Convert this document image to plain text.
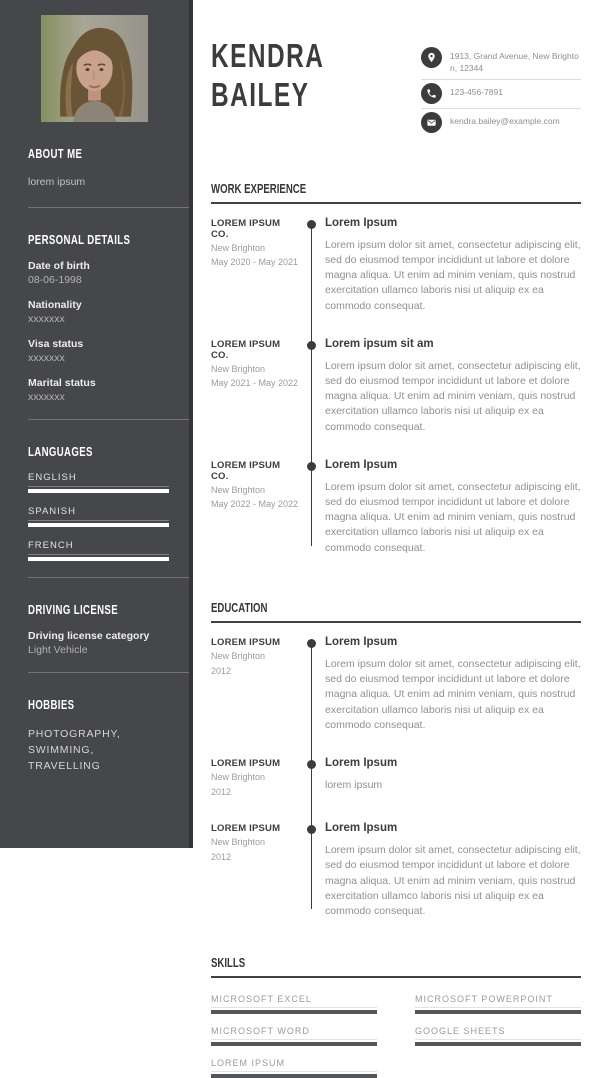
ABOUT ME

lorem ipsum

PERSONAL DETAILS
Date of birth
08-06-1998
Nationality
xxxxxxx
Visa status
xxxxxxx
Marital status
xxxxxxx
LANGUAGES
ENGLISH
SPANISH
FRENCH
DRIVING LICENSE
Driving license category
Light Vehicle
HOBBIES

PHOTOGRAPHY, SWIMMING, TRAVELLING

KENDRA
BAILEY
1913, Grand Avenue, New Brighton, 12344
123-456-7891
kendra.bailey@example.com
WORK EXPERIENCE
LOREM IPSUM CO.
New Brighton
May 2020 - May 2021
Lorem Ipsum

Lorem ipsum dolor sit amet, consectetur adipiscing elit, sed do eiusmod tempor incididunt ut labore et dolore magna aliqua. Ut enim ad minim veniam, quis nostrud exercitation ullamco laboris nisi ut aliquip ex ea commodo consequat.

LOREM IPSUM CO.
New Brighton
May 2021 - May 2022
Lorem ipsum sit am

Lorem ipsum dolor sit amet, consectetur adipiscing elit, sed do eiusmod tempor incididunt ut labore et dolore magna aliqua. Ut enim ad minim veniam, quis nostrud exercitation ullamco laboris nisi ut aliquip ex ea commodo consequat.

LOREM IPSUM CO.
New Brighton
May 2022 - May 2022
Lorem Ipsum

Lorem ipsum dolor sit amet, consectetur adipiscing elit, sed do eiusmod tempor incididunt ut labore et dolore magna aliqua. Ut enim ad minim veniam, quis nostrud exercitation ullamco laboris nisi ut aliquip ex ea commodo consequat.

EDUCATION
LOREM IPSUM
New Brighton
2012
Lorem Ipsum

Lorem ipsum dolor sit amet, consectetur adipiscing elit, sed do eiusmod tempor incididunt ut labore et dolore magna aliqua. Ut enim ad minim veniam, quis nostrud exercitation ullamco laboris nisi ut aliquip ex ea commodo consequat.

LOREM IPSUM
New Brighton
2012
Lorem Ipsum

lorem ipsum

LOREM IPSUM
New Brighton
2012
Lorem Ipsum

Lorem ipsum dolor sit amet, consectetur adipiscing elit, sed do eiusmod tempor incididunt ut labore et dolore magna aliqua. Ut enim ad minim veniam, quis nostrud exercitation ullamco laboris nisi ut aliquip ex ea commodo consequat.

SKILLS
MICROSOFT EXCEL
MICROSOFT WORD
LOREM IPSUM
MICROSOFT POWERPOINT
GOOGLE SHEETS
